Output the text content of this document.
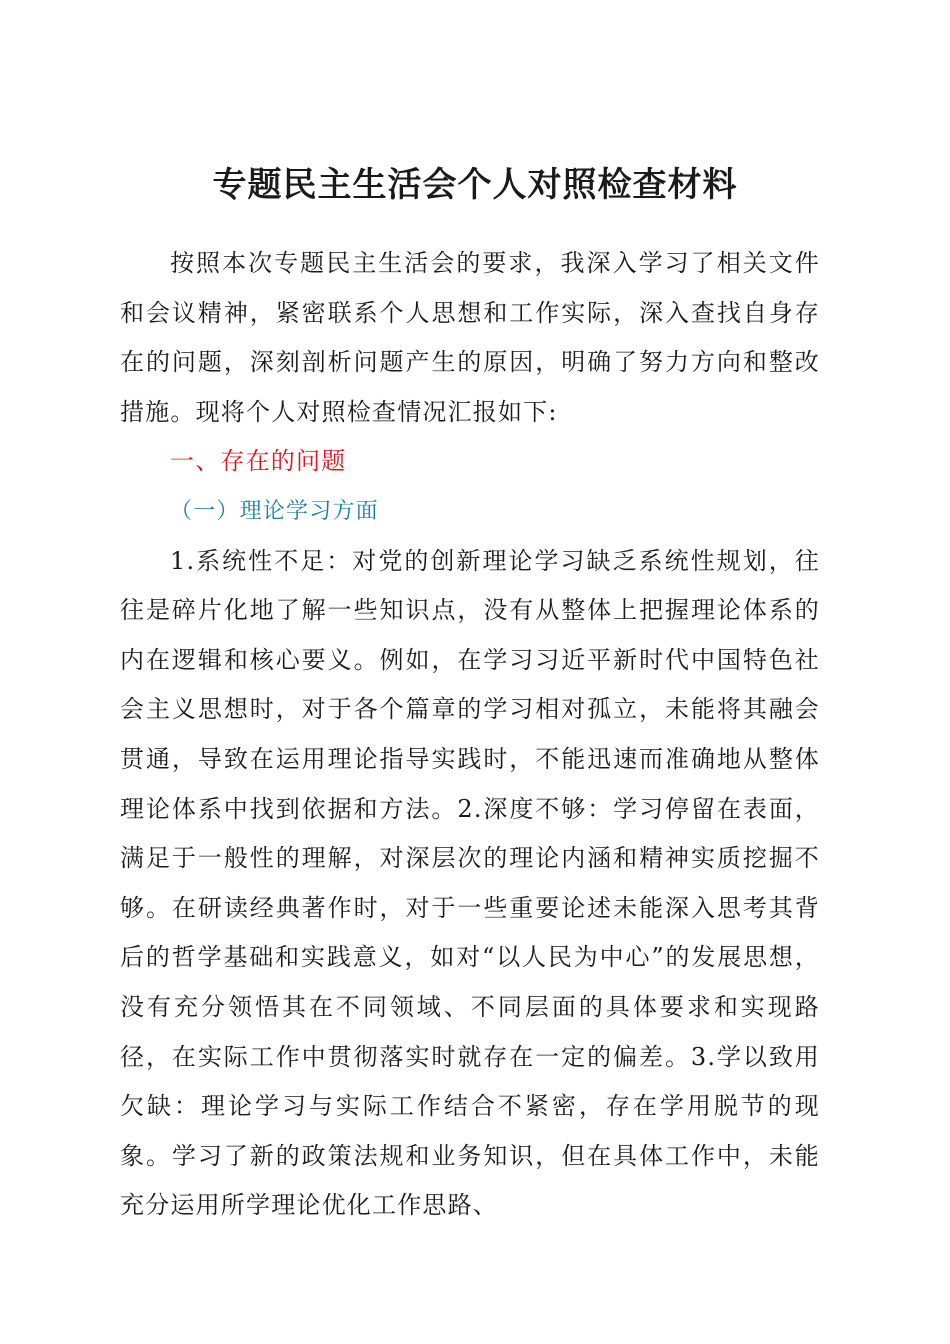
专题民主生活会个人对照检查材料

按照本次专题民主生活会的要求，我深入学习了相关文件和会议精神，紧密联系个人思想和工作实际，深入查找自身存在的问题，深刻剖析问题产生的原因，明确了努力方向和整改措施。现将个人对照检查情况汇报如下:

一、存在的问题

（一）理论学习方面

1.系统性不足：对党的创新理论学习缺乏系统性规划，往往是碎片化地了解一些知识点，没有从整体上把握理论体系的内在逻辑和核心要义。例如，在学习习近平新时代中国特色社会主义思想时，对于各个篇章的学习相对孤立，未能将其融会贯通，导致在运用理论指导实践时，不能迅速而准确地从整体理论体系中找到依据和方法。2.深度不够：学习停留在表面，满足于一般性的理解，对深层次的理论内涵和精神实质挖掘不够。在研读经典著作时，对于一些重要论述未能深入思考其背后的哲学基础和实践意义，如对“以人民为中心”的发展思想，没有充分领悟其在不同领域、不同层面的具体要求和实现路径，在实际工作中贯彻落实时就存在一定的偏差。3.学以致用欠缺：理论学习与实际工作结合不紧密，存在学用脱节的现象。学习了新的政策法规和业务知识，但在具体工作中，未能充分运用所学理论优化工作思路、
